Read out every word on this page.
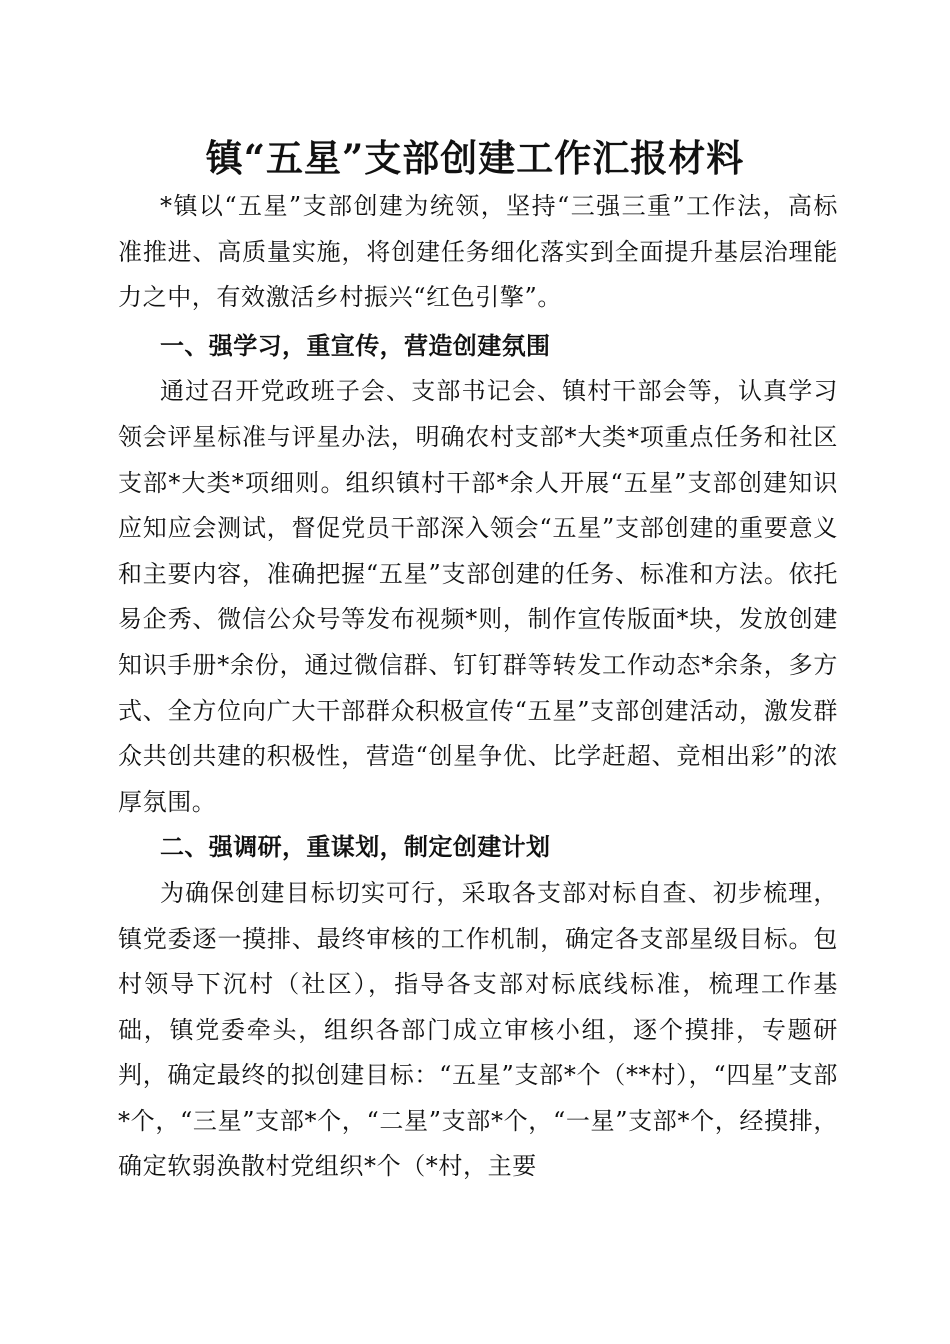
镇“五星”支部创建工作汇报材料

*镇以“五星”支部创建为统领，坚持“三强三重”工作法，高标准推进、高质量实施，将创建任务细化落实到全面提升基层治理能力之中，有效激活乡村振兴“红色引擎”。

一、强学习，重宣传，营造创建氛围

通过召开党政班子会、支部书记会、镇村干部会等，认真学习领会评星标准与评星办法，明确农村支部*大类*项重点任务和社区支部*大类*项细则。组织镇村干部*余人开展“五星”支部创建知识应知应会测试，督促党员干部深入领会“五星”支部创建的重要意义和主要内容，准确把握“五星”支部创建的任务、标准和方法。依托易企秀、微信公众号等发布视频*则，制作宣传版面*块，发放创建知识手册*余份，通过微信群、钉钉群等转发工作动态*余条，多方式、全方位向广大干部群众积极宣传“五星”支部创建活动，激发群众共创共建的积极性，营造“创星争优、比学赶超、竞相出彩”的浓厚氛围。

二、强调研，重谋划，制定创建计划

为确保创建目标切实可行，采取各支部对标自查、初步梳理，镇党委逐一摸排、最终审核的工作机制，确定各支部星级目标。包村领导下沉村（社区），指导各支部对标底线标准，梳理工作基础，镇党委牵头，组织各部门成立审核小组，逐个摸排，专题研判，确定最终的拟创建目标：“五星”支部*个（**村），“四星”支部*个，“三星”支部*个，“二星”支部*个，“一星”支部*个，经摸排，确定软弱涣散村党组织*个（*村，主要
